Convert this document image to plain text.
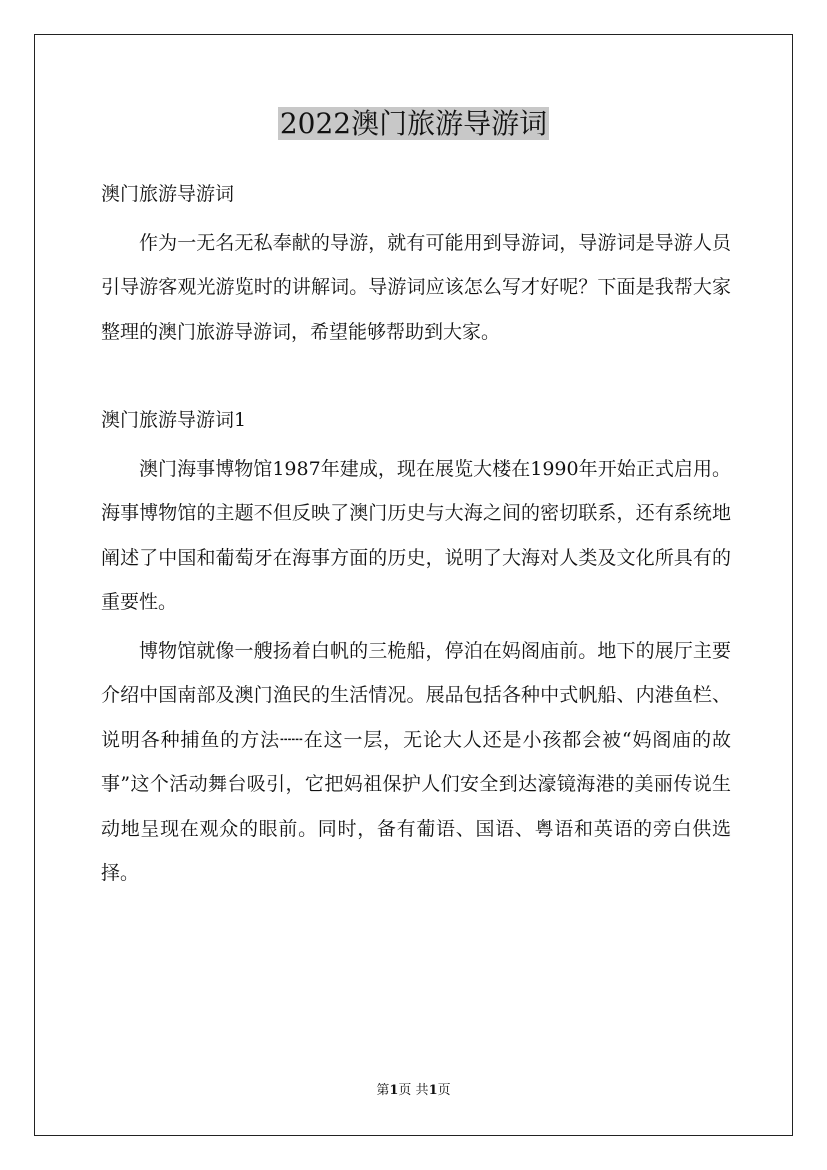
2022澳门旅游导游词

澳门旅游导游词

作为一无名无私奉献的导游，就有可能用到导游词，导游词是导游人员引导游客观光游览时的讲解词。导游词应该怎么写才好呢？下面是我帮大家整理的澳门旅游导游词，希望能够帮助到大家。

澳门旅游导游词1

澳门海事博物馆1987年建成，现在展览大楼在1990年开始正式启用。海事博物馆的主题不但反映了澳门历史与大海之间的密切联系，还有系统地阐述了中国和葡萄牙在海事方面的历史，说明了大海对人类及文化所具有的重要性。

博物馆就像一艘扬着白帆的三桅船，停泊在妈阁庙前。地下的展厅主要介绍中国南部及澳门渔民的生活情况。展品包括各种中式帆船、内港鱼栏、说明各种捕鱼的方法┄┄在这一层，无论大人还是小孩都会被“妈阁庙的故事”这个活动舞台吸引，它把妈祖保护人们安全到达濠镜海港的美丽传说生动地呈现在观众的眼前。同时，备有葡语、国语、粤语和英语的旁白供选择。

第1页 共1页
